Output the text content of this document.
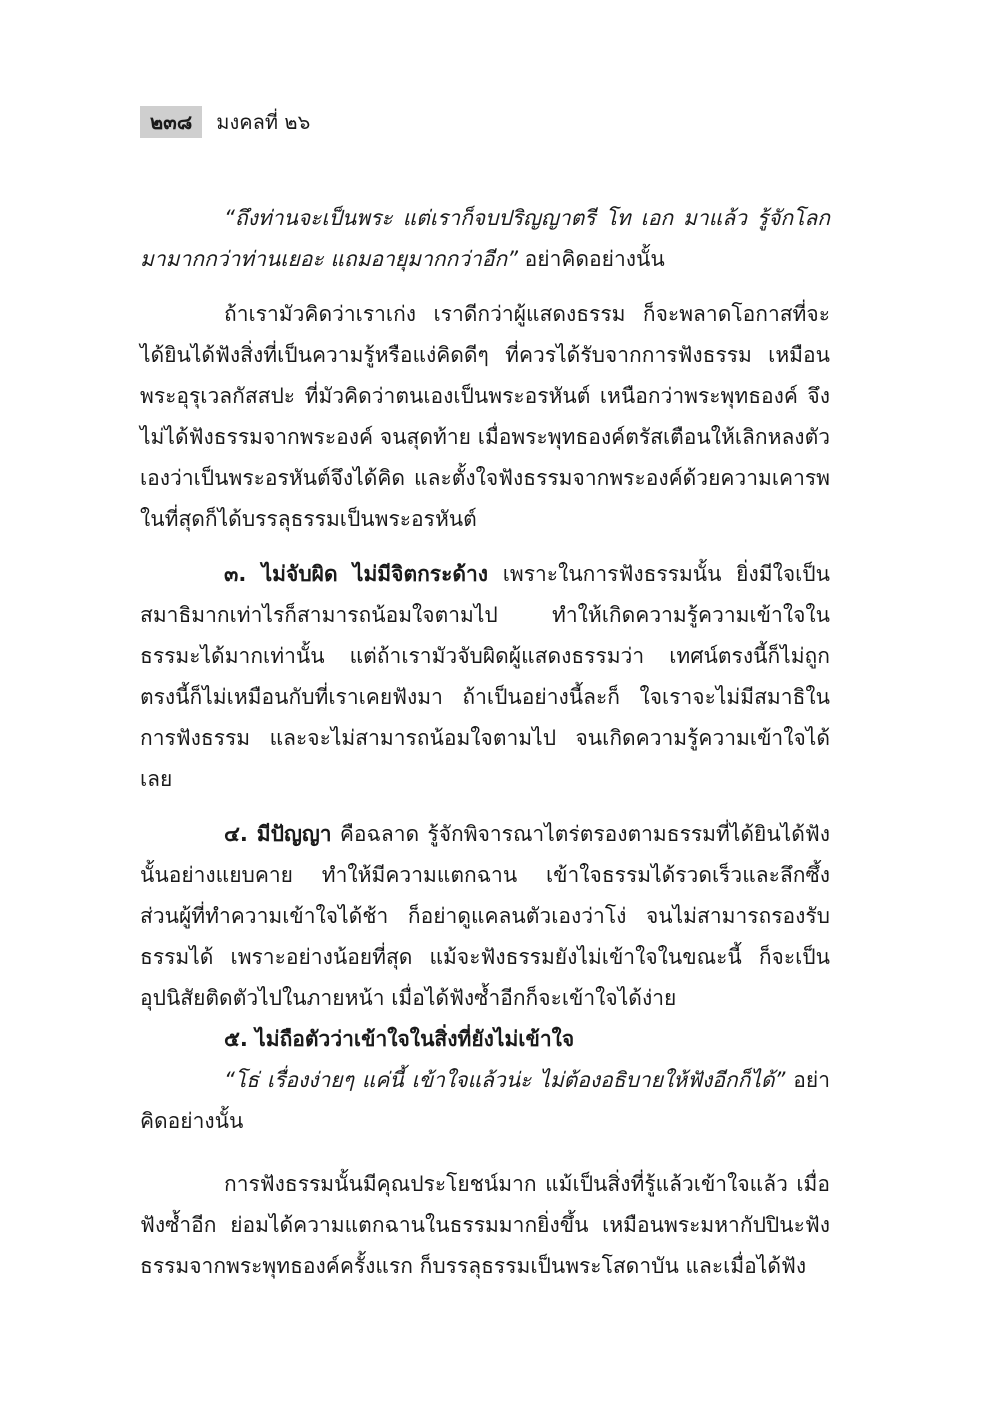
๒๓๘	มงคลที่ ๒๖

“ถึงท่านจะเป็นพระ แต่เราก็จบปริญญาตรี โท เอก มาแล้ว รู้จักโลกมามากกว่าท่านเยอะ แถมอายุมากกว่าอีก” อย่าคิดอย่างนั้น

ถ้าเรามัวคิดว่าเราเก่ง เราดีกว่าผู้แสดงธรรม ก็จะพลาดโอกาสที่จะได้ยินได้ฟังสิ่งที่เป็นความรู้หรือแง่คิดดีๆ ที่ควรได้รับจากการฟังธรรม เหมือนพระอุรุเวลกัสสปะ ที่มัวคิดว่าตนเองเป็นพระอรหันต์ เหนือกว่าพระพุทธองค์ จึงไม่ได้ฟังธรรมจากพระองค์ จนสุดท้าย เมื่อพระพุทธองค์ตรัสเตือนให้เลิกหลงตัวเองว่าเป็นพระอรหันต์จึงได้คิด และตั้งใจฟังธรรมจากพระองค์ด้วยความเคารพ ในที่สุดก็ได้บรรลุธรรมเป็นพระอรหันต์

๓. ไม่จับผิด ไม่มีจิตกระด้าง เพราะในการฟังธรรมนั้น ยิ่งมีใจเป็นสมาธิมากเท่าไรก็สามารถน้อมใจตามไป ทำให้เกิดความรู้ความเข้าใจในธรรมะได้มากเท่านั้น แต่ถ้าเรามัวจับผิดผู้แสดงธรรมว่า เทศน์ตรงนี้ก็ไม่ถูก ตรงนี้ก็ไม่เหมือนกับที่เราเคยฟังมา ถ้าเป็นอย่างนี้ละก็ ใจเราจะไม่มีสมาธิในการฟังธรรม และจะไม่สามารถน้อมใจตามไป จนเกิดความรู้ความเข้าใจได้เลย

๔. มีปัญญา คือฉลาด รู้จักพิจารณาไตร่ตรองตามธรรมที่ได้ยินได้ฟังนั้นอย่างแยบคาย ทำให้มีความแตกฉาน เข้าใจธรรมได้รวดเร็วและลึกซึ้ง ส่วนผู้ที่ทำความเข้าใจได้ช้า ก็อย่าดูแคลนตัวเองว่าโง่ จนไม่สามารถรองรับธรรมได้ เพราะอย่างน้อยที่สุด แม้จะฟังธรรมยังไม่เข้าใจในขณะนี้ ก็จะเป็นอุปนิสัยติดตัวไปในภายหน้า เมื่อได้ฟังซ้ำอีกก็จะเข้าใจได้ง่าย

๕. ไม่ถือตัวว่าเข้าใจในสิ่งที่ยังไม่เข้าใจ

“โธ่ เรื่องง่ายๆ แค่นี้ เข้าใจแล้วน่ะ ไม่ต้องอธิบายให้ฟังอีกก็ได้” อย่าคิดอย่างนั้น

การฟังธรรมนั้นมีคุณประโยชน์มาก แม้เป็นสิ่งที่รู้แล้วเข้าใจแล้ว เมื่อฟังซ้ำอีก ย่อมได้ความแตกฉานในธรรมมากยิ่งขึ้น เหมือนพระมหากัปปินะฟังธรรมจากพระพุทธองค์ครั้งแรก ก็บรรลุธรรมเป็นพระโสดาบัน และเมื่อได้ฟัง
